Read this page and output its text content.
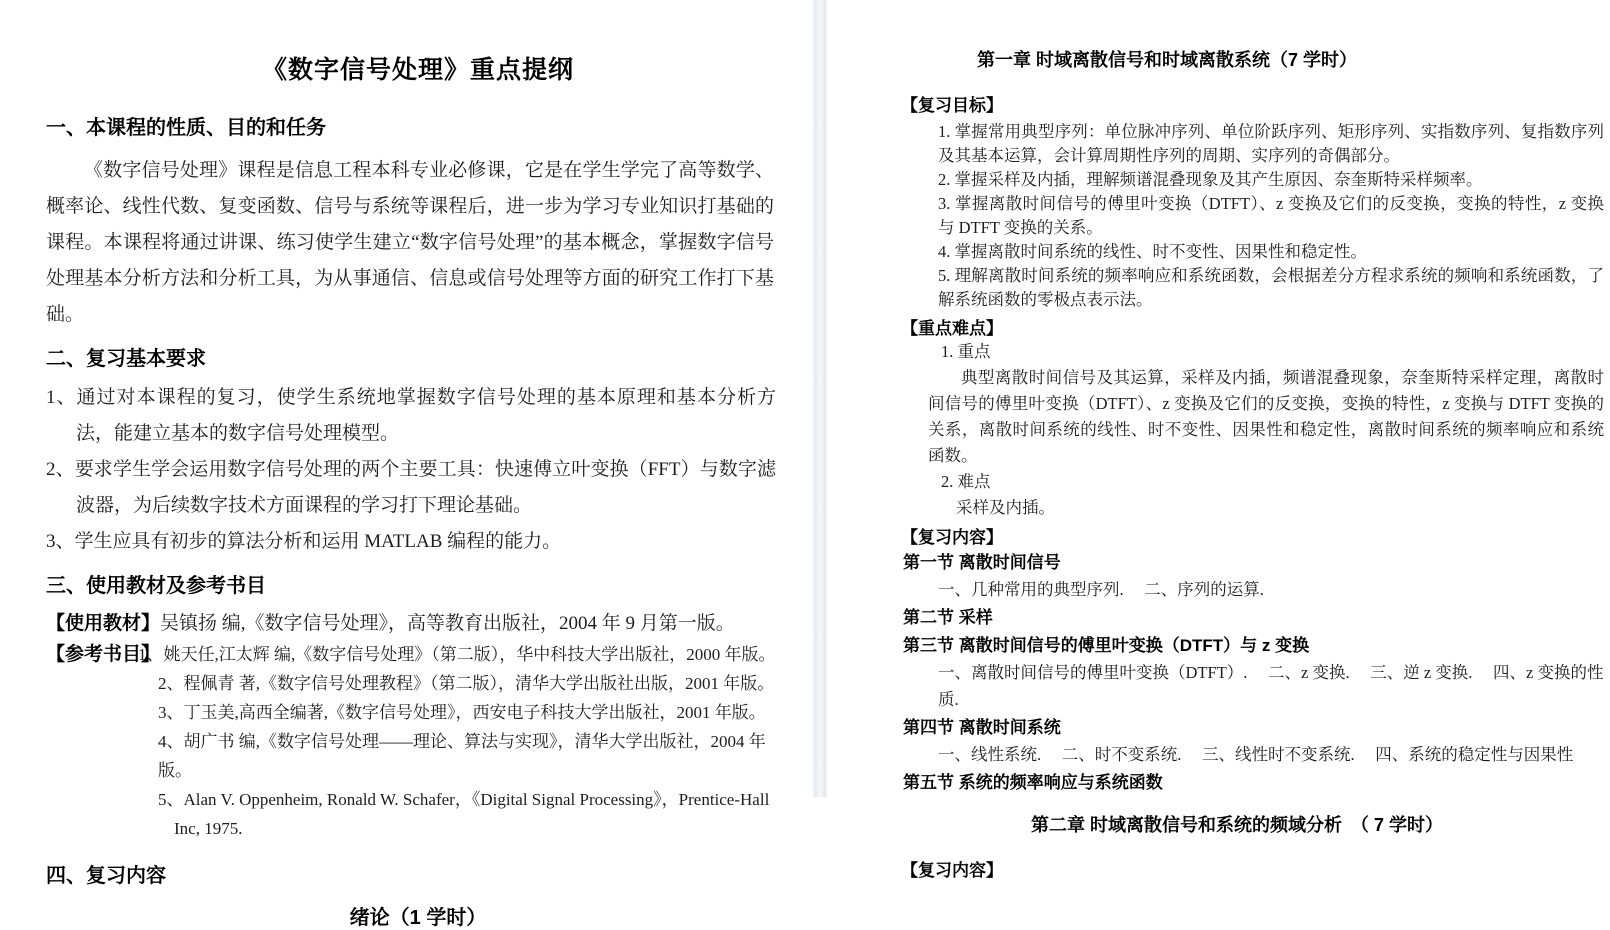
《数字信号处理》重点提纲
一、本课程的性质、目的和任务
《数字信号处理》课程是信息工程本科专业必修课，它是在学生学完了高等数学、概率论、线性代数、复变函数、信号与系统等课程后，进一步为学习专业知识打基础的课程。本课程将通过讲课、练习使学生建立“数字信号处理”的基本概念，掌握数字信号处理基本分析方法和分析工具，为从事通信、信息或信号处理等方面的研究工作打下基础。
二、复习基本要求
1、通过对本课程的复习，使学生系统地掌握数字信号处理的基本原理和基本分析方法，能建立基本的数字信号处理模型。
2、要求学生学会运用数字信号处理的两个主要工具：快速傅立叶变换（FFT）与数字滤波器，为后续数字技术方面课程的学习打下理论基础。
3、学生应具有初步的算法分析和运用 MATLAB 编程的能力。
三、使用教材及参考书目
【使用教材】吴镇扬 编,《数字信号处理》，高等教育出版社，2004 年 9 月第一版。
【参考书目】
1、姚天任,江太辉 编,《数字信号处理》（第二版），华中科技大学出版社，2000 年版。
2、程佩青 著,《数字信号处理教程》（第二版），清华大学出版社出版，2001 年版。
3、丁玉美,高西全编著,《数字信号处理》，西安电子科技大学出版社，2001 年版。
4、胡广书 编,《数字信号处理——理论、算法与实现》，清华大学出版社，2004 年版。
5、Alan V. Oppenheim, Ronald W. Schafer，《Digital Signal Processing》，Prentice-Hall Inc, 1975.
四、复习内容
绪论（1 学时）
第一章 时域离散信号和时域离散系统（7 学时）
【复习目标】
1. 掌握常用典型序列：单位脉冲序列、单位阶跃序列、矩形序列、实指数序列、复指数序列及其基本运算，会计算周期性序列的周期、实序列的奇偶部分。
2. 掌握采样及内插，理解频谱混叠现象及其产生原因、奈奎斯特采样频率。
3. 掌握离散时间信号的傅里叶变换（DTFT）、z 变换及它们的反变换，变换的特性，z 变换与 DTFT 变换的关系。
4. 掌握离散时间系统的线性、时不变性、因果性和稳定性。
5. 理解离散时间系统的频率响应和系统函数，会根据差分方程求系统的频响和系统函数，了解系统函数的零极点表示法。
【重点难点】
1. 重点
典型离散时间信号及其运算，采样及内插，频谱混叠现象，奈奎斯特采样定理，离散时间信号的傅里叶变换（DTFT）、z 变换及它们的反变换，变换的特性，z 变换与 DTFT 变换的关系，离散时间系统的线性、时不变性、因果性和稳定性，离散时间系统的频率响应和系统函数。
2. 难点
采样及内插。
【复习内容】
第一节 离散时间信号
一、几种常用的典型序列.　 二、序列的运算.
第二节 采样
第三节 离散时间信号的傅里叶变换（DTFT）与 z 变换
一、离散时间信号的傅里叶变换（DTFT）.　 二、z 变换.　 三、逆 z 变换.　 四、z 变换的性质.
第四节 离散时间系统
一、线性系统.　 二、时不变系统.　 三、线性时不变系统.　 四、系统的稳定性与因果性
第五节 系统的频率响应与系统函数
第二章 时域离散信号和系统的频域分析　（ 7 学时）
【复习内容】
